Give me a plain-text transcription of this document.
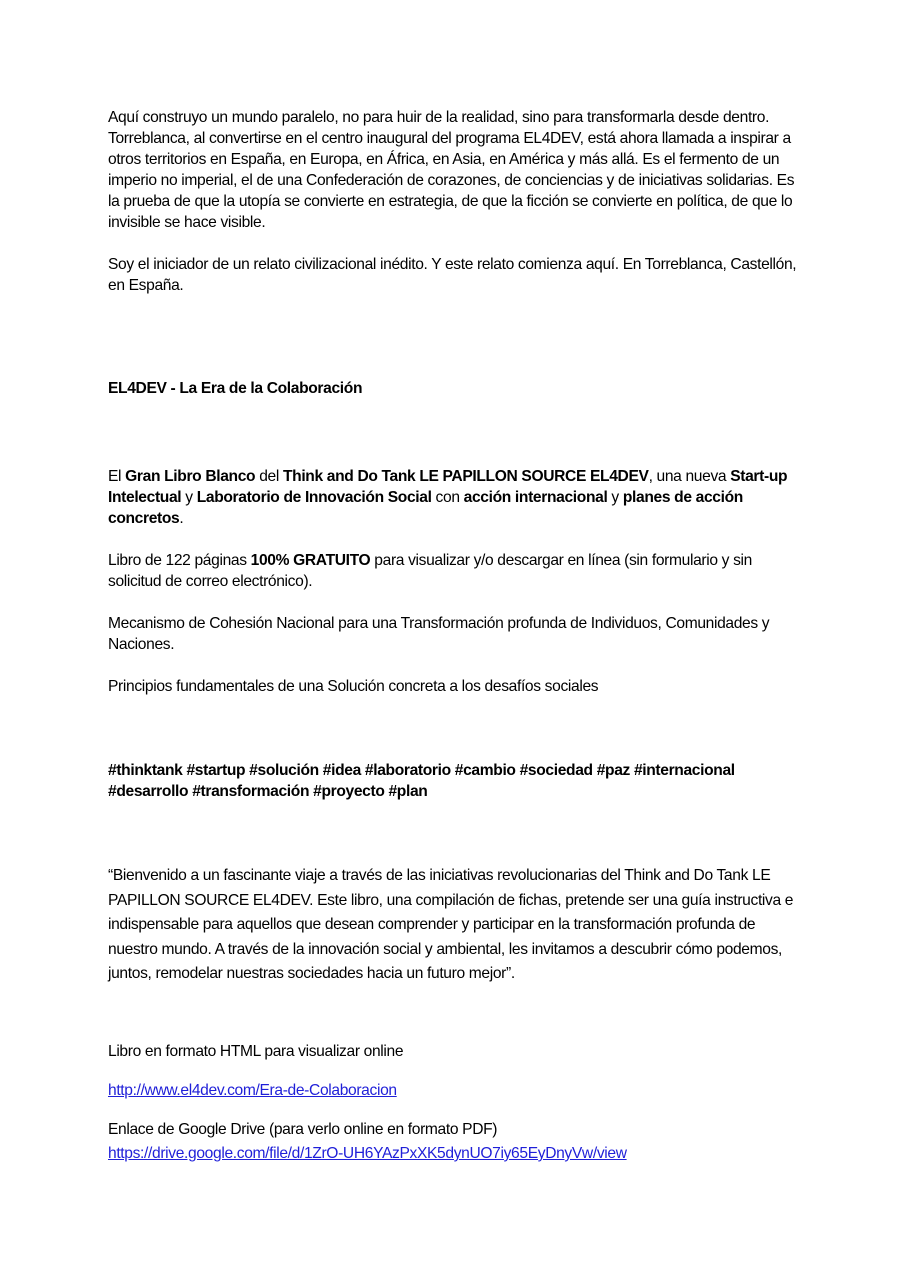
Aquí construyo un mundo paralelo, no para huir de la realidad, sino para transformarla desde dentro. Torreblanca, al convertirse en el centro inaugural del programa EL4DEV, está ahora llamada a inspirar a otros territorios en España, en Europa, en África, en Asia, en América y más allá. Es el fermento de un imperio no imperial, el de una Confederación de corazones, de conciencias y de iniciativas solidarias. Es la prueba de que la utopía se convierte en estrategia, de que la ficción se convierte en política, de que lo invisible se hace visible.

Soy el iniciador de un relato civilizacional inédito. Y este relato comienza aquí. En Torreblanca, Castellón, en España.

EL4DEV - La Era de la Colaboración

El Gran Libro Blanco del Think and Do Tank LE PAPILLON SOURCE EL4DEV, una nueva Start-up Intelectual y Laboratorio de Innovación Social con acción internacional y planes de acción concretos.

Libro de 122 páginas 100% GRATUITO para visualizar y/o descargar en línea (sin formulario y sin solicitud de correo electrónico).

Mecanismo de Cohesión Nacional para una Transformación profunda de Individuos, Comunidades y Naciones.

Principios fundamentales de una Solución concreta a los desafíos sociales

#thinktank #startup #solución #idea #laboratorio #cambio #sociedad #paz #internacional #desarrollo #transformación #proyecto #plan

“Bienvenido a un fascinante viaje a través de las iniciativas revolucionarias del Think and Do Tank LE PAPILLON SOURCE EL4DEV. Este libro, una compilación de fichas, pretende ser una guía instructiva e indispensable para aquellos que desean comprender y participar en la transformación profunda de nuestro mundo. A través de la innovación social y ambiental, les invitamos a descubrir cómo podemos, juntos, remodelar nuestras sociedades hacia un futuro mejor”.

Libro en formato HTML para visualizar online

http://www.el4dev.com/Era-de-Colaboracion

Enlace de Google Drive (para verlo online en formato PDF)

https://drive.google.com/file/d/1ZrO-UH6YAzPxXK5dynUO7iy65EyDnyVw/view
